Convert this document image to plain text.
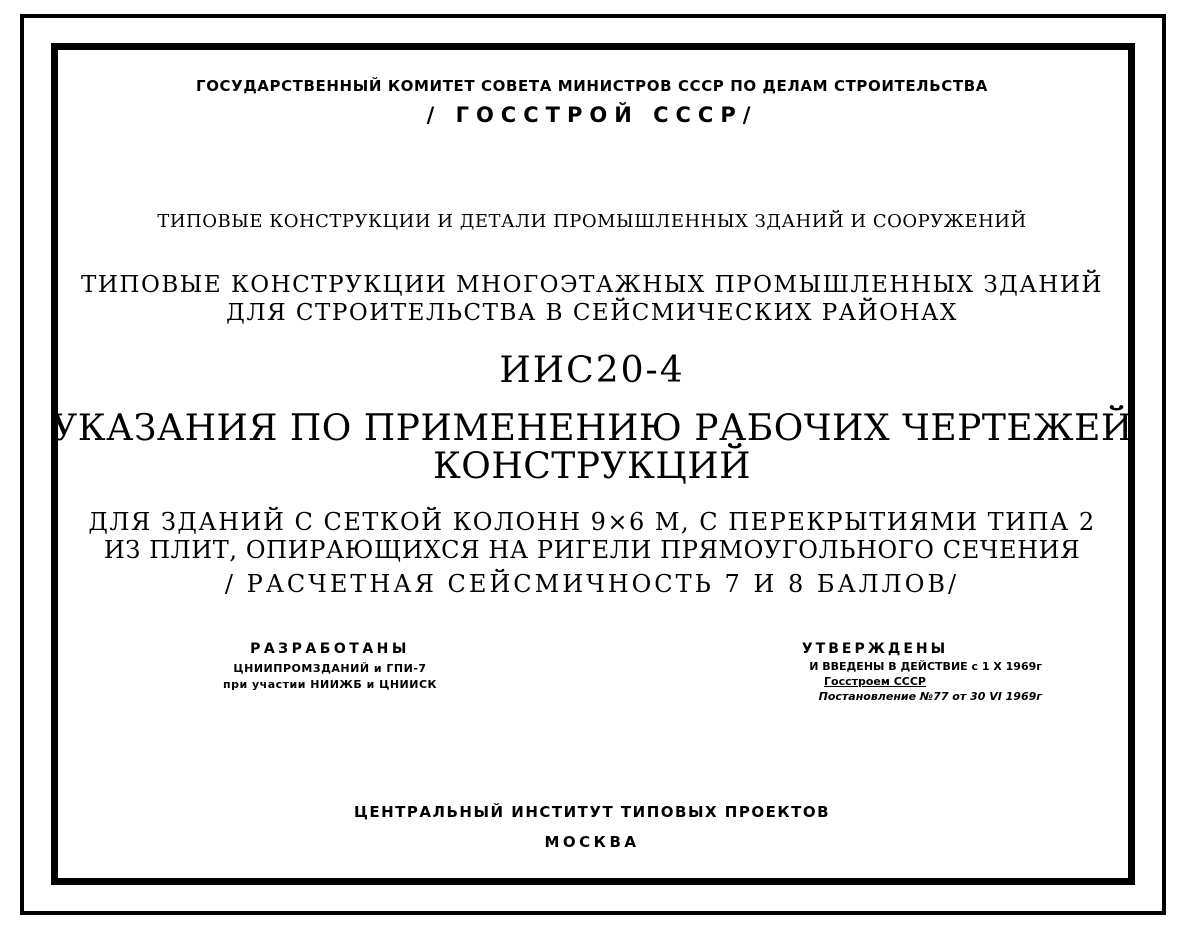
ГОСУДАРСТВЕННЫЙ КОМИТЕТ СОВЕТА МИНИСТРОВ СССР ПО ДЕЛАМ СТРОИТЕЛЬСТВА
/ ГОССТРОЙ СССР/
ТИПОВЫЕ КОНСТРУКЦИИ И ДЕТАЛИ ПРОМЫШЛЕННЫХ ЗДАНИЙ И СООРУЖЕНИЙ
ТИПОВЫЕ КОНСТРУКЦИИ МНОГОЭТАЖНЫХ ПРОМЫШЛЕННЫХ ЗДАНИЙ
ДЛЯ СТРОИТЕЛЬСТВА В СЕЙСМИЧЕСКИХ РАЙОНАХ
ИИС20-4
УКАЗАНИЯ ПО ПРИМЕНЕНИЮ РАБОЧИХ ЧЕРТЕЖЕЙ
КОНСТРУКЦИЙ
ДЛЯ ЗДАНИЙ С СЕТКОЙ КОЛОНН 9×6 М, С ПЕРЕКРЫТИЯМИ ТИПА 2
ИЗ ПЛИТ, ОПИРАЮЩИХСЯ НА РИГЕЛИ ПРЯМОУГОЛЬНОГО СЕЧЕНИЯ
/ РАСЧЕТНАЯ СЕЙСМИЧНОСТЬ 7 И 8 БАЛЛОВ/
РАЗРАБОТАНЫ
ЦНИИПРОМЗДАНИЙ и ГПИ-7
при участии НИИЖБ и ЦНИИСК
УТВЕРЖДЕНЫ
И ВВЕДЕНЫ В ДЕЙСТВИЕ с 1 X 1969г
Госстроем СССР
Постановление №77 от 30 VI 1969г
ЦЕНТРАЛЬНЫЙ ИНСТИТУТ ТИПОВЫХ ПРОЕКТОВ
МОСКВА
